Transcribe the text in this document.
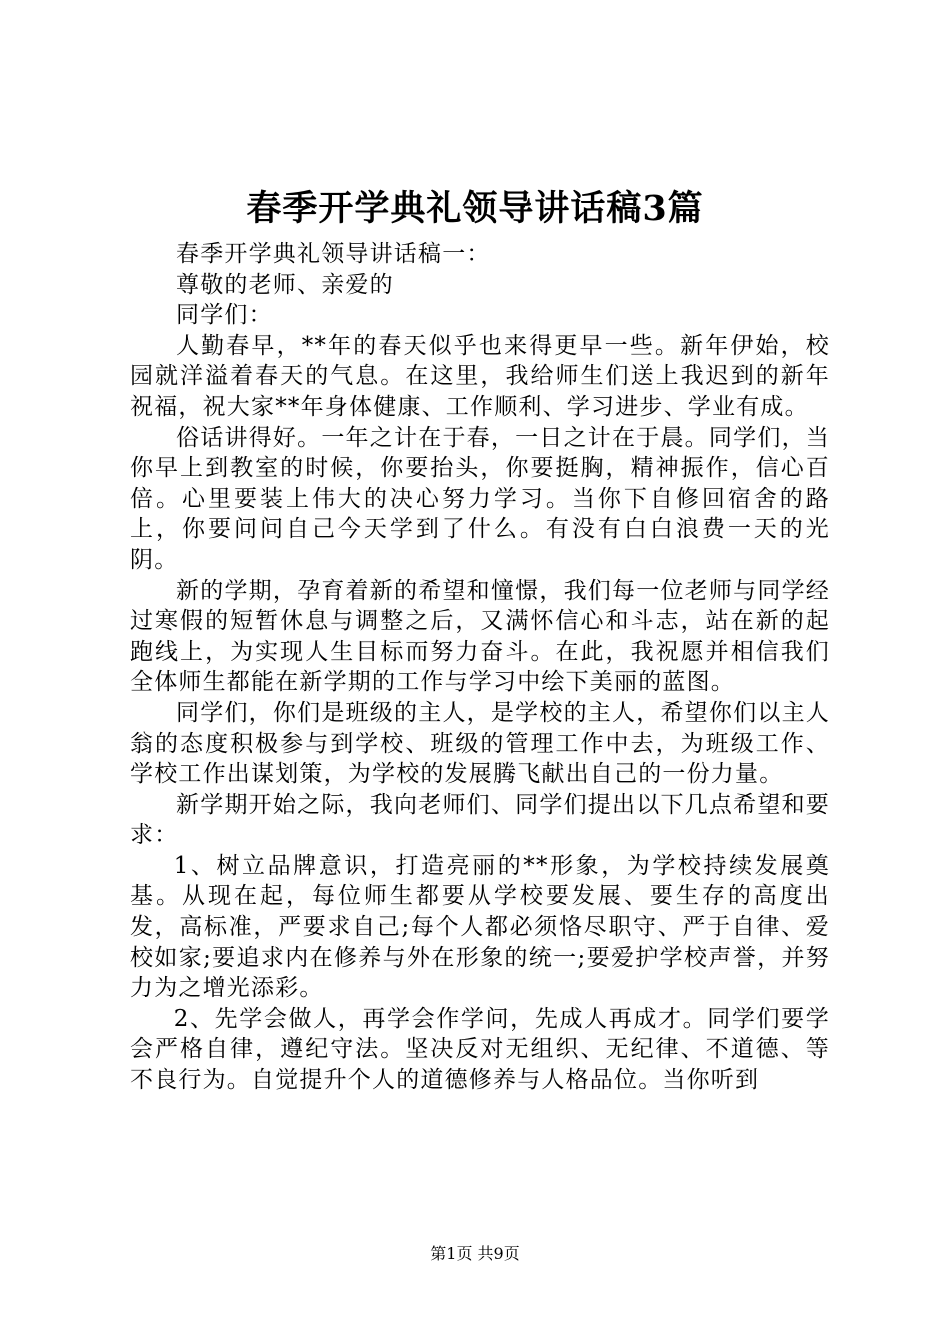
春季开学典礼领导讲话稿3篇

春季开学典礼领导讲话稿一：

尊敬的老师、亲爱的

同学们：

人勤春早，**年的春天似乎也来得更早一些。新年伊始，校园就洋溢着春天的气息。在这里，我给师生们送上我迟到的新年祝福，祝大家**年身体健康、工作顺利、学习进步、学业有成。

俗话讲得好。一年之计在于春，一日之计在于晨。同学们，当你早上到教室的时候，你要抬头，你要挺胸，精神振作，信心百倍。心里要装上伟大的决心努力学习。当你下自修回宿舍的路上，你要问问自己今天学到了什么。有没有白白浪费一天的光阴。

新的学期，孕育着新的希望和憧憬，我们每一位老师与同学经过寒假的短暂休息与调整之后，又满怀信心和斗志，站在新的起跑线上，为实现人生目标而努力奋斗。在此，我祝愿并相信我们全体师生都能在新学期的工作与学习中绘下美丽的蓝图。

同学们，你们是班级的主人，是学校的主人，希望你们以主人翁的态度积极参与到学校、班级的管理工作中去，为班级工作、学校工作出谋划策，为学校的发展腾飞献出自己的一份力量。

新学期开始之际，我向老师们、同学们提出以下几点希望和要求：

1、树立品牌意识，打造亮丽的**形象，为学校持续发展奠基。从现在起，每位师生都要从学校要发展、要生存的高度出发，高标准，严要求自己;每个人都必须恪尽职守、严于自律、爱校如家;要追求内在修养与外在形象的统一;要爱护学校声誉，并努力为之增光添彩。

2、先学会做人，再学会作学问，先成人再成才。同学们要学会严格自律，遵纪守法。坚决反对无组织、无纪律、不道德、等不良行为。自觉提升个人的道德修养与人格品位。当你听到

第1页 共9页
